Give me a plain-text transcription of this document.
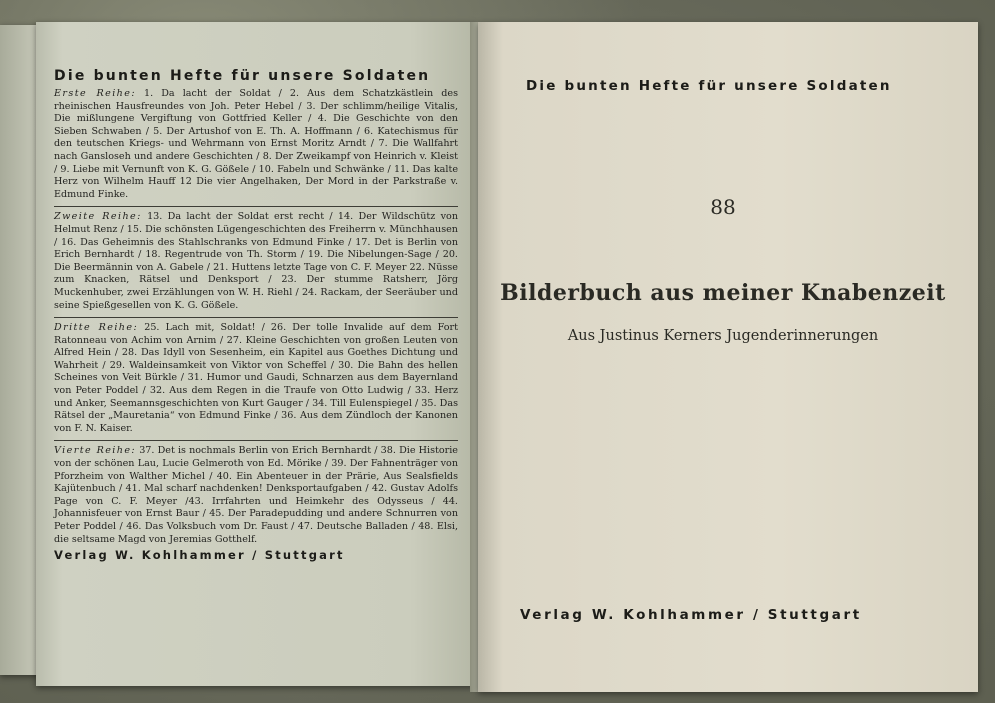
Die bunten Hefte für unsere Soldaten

Erste Reihe: 1. Da lacht der Soldat / 2. Aus dem Schatzkästlein des rheinischen Hausfreundes von Joh. Peter Hebel / 3. Der schlimm/heilige Vitalis, Die mißlungene Vergiftung von Gottfried Keller / 4. Die Geschichte von den Sieben Schwaben / 5. Der Artushof von E. Th. A. Hoffmann / 6. Katechismus für den teutschen Kriegs- und Wehrmann von Ernst Moritz Arndt / 7. Die Wallfahrt nach Gansloseh und andere Geschichten / 8. Der Zweikampf von Heinrich v. Kleist / 9. Liebe mit Vernunft von K. G. Gößele / 10. Fabeln und Schwänke / 11. Das kalte Herz von Wilhelm Hauff 12 Die vier Angelhaken, Der Mord in der Parkstraße v. Edmund Finke.

Zweite Reihe: 13. Da lacht der Soldat erst recht / 14. Der Wildschütz von Helmut Renz / 15. Die schönsten Lügengeschichten des Freiherrn v. Münchhausen / 16. Das Geheimnis des Stahlschranks von Edmund Finke / 17. Det is Berlin von Erich Bernhardt / 18. Regentrude von Th. Storm / 19. Die Nibelungen-Sage / 20. Die Beermännin von A. Gabele / 21. Huttens letzte Tage von C. F. Meyer 22. Nüsse zum Knacken, Rätsel und Denksport / 23. Der stumme Ratsherr, Jörg Muckenhuber, zwei Erzählungen von W. H. Riehl / 24. Rackam, der Seeräuber und seine Spießgesellen von K. G. Gößele.

Dritte Reihe: 25. Lach mit, Soldat! / 26. Der tolle Invalide auf dem Fort Ratonneau von Achim von Arnim / 27. Kleine Geschichten von großen Leuten von Alfred Hein / 28. Das Idyll von Sesenheim, ein Kapitel aus Goethes Dichtung und Wahrheit / 29. Waldeinsamkeit von Viktor von Scheffel / 30. Die Bahn des hellen Scheines von Veit Bürkle / 31. Humor und Gaudi, Schnarzen aus dem Bayernland von Peter Poddel / 32. Aus dem Regen in die Traufe von Otto Ludwig / 33. Herz und Anker, Seemannsgeschichten von Kurt Gauger / 34. Till Eulenspiegel / 35. Das Rätsel der „Mauretania“ von Edmund Finke / 36. Aus dem Zündloch der Kanonen von F. N. Kaiser.

Vierte Reihe: 37. Det is nochmals Berlin von Erich Bernhardt / 38. Die Historie von der schönen Lau, Lucie Gelmeroth von Ed. Mörike / 39. Der Fahnenträger von Pforzheim von Walther Michel / 40. Ein Abenteuer in der Prärie, Aus Sealsfields Kajütenbuch / 41. Mal scharf nachdenken! Denksportaufgaben / 42. Gustav Adolfs Page von C. F. Meyer /43. Irrfahrten und Heimkehr des Odysseus / 44. Johannisfeuer von Ernst Baur / 45. Der Paradepudding und andere Schnurren von Peter Poddel / 46. Das Volksbuch vom Dr. Faust / 47. Deutsche Balladen / 48. Elsi, die seltsame Magd von Jeremias Gotthelf.

Verlag W. Kohlhammer / Stuttgart
Die bunten Hefte für unsere Soldaten
88
Bilderbuch aus meiner Knabenzeit
Aus Justinus Kerners Jugenderinnerungen
Verlag W. Kohlhammer / Stuttgart
